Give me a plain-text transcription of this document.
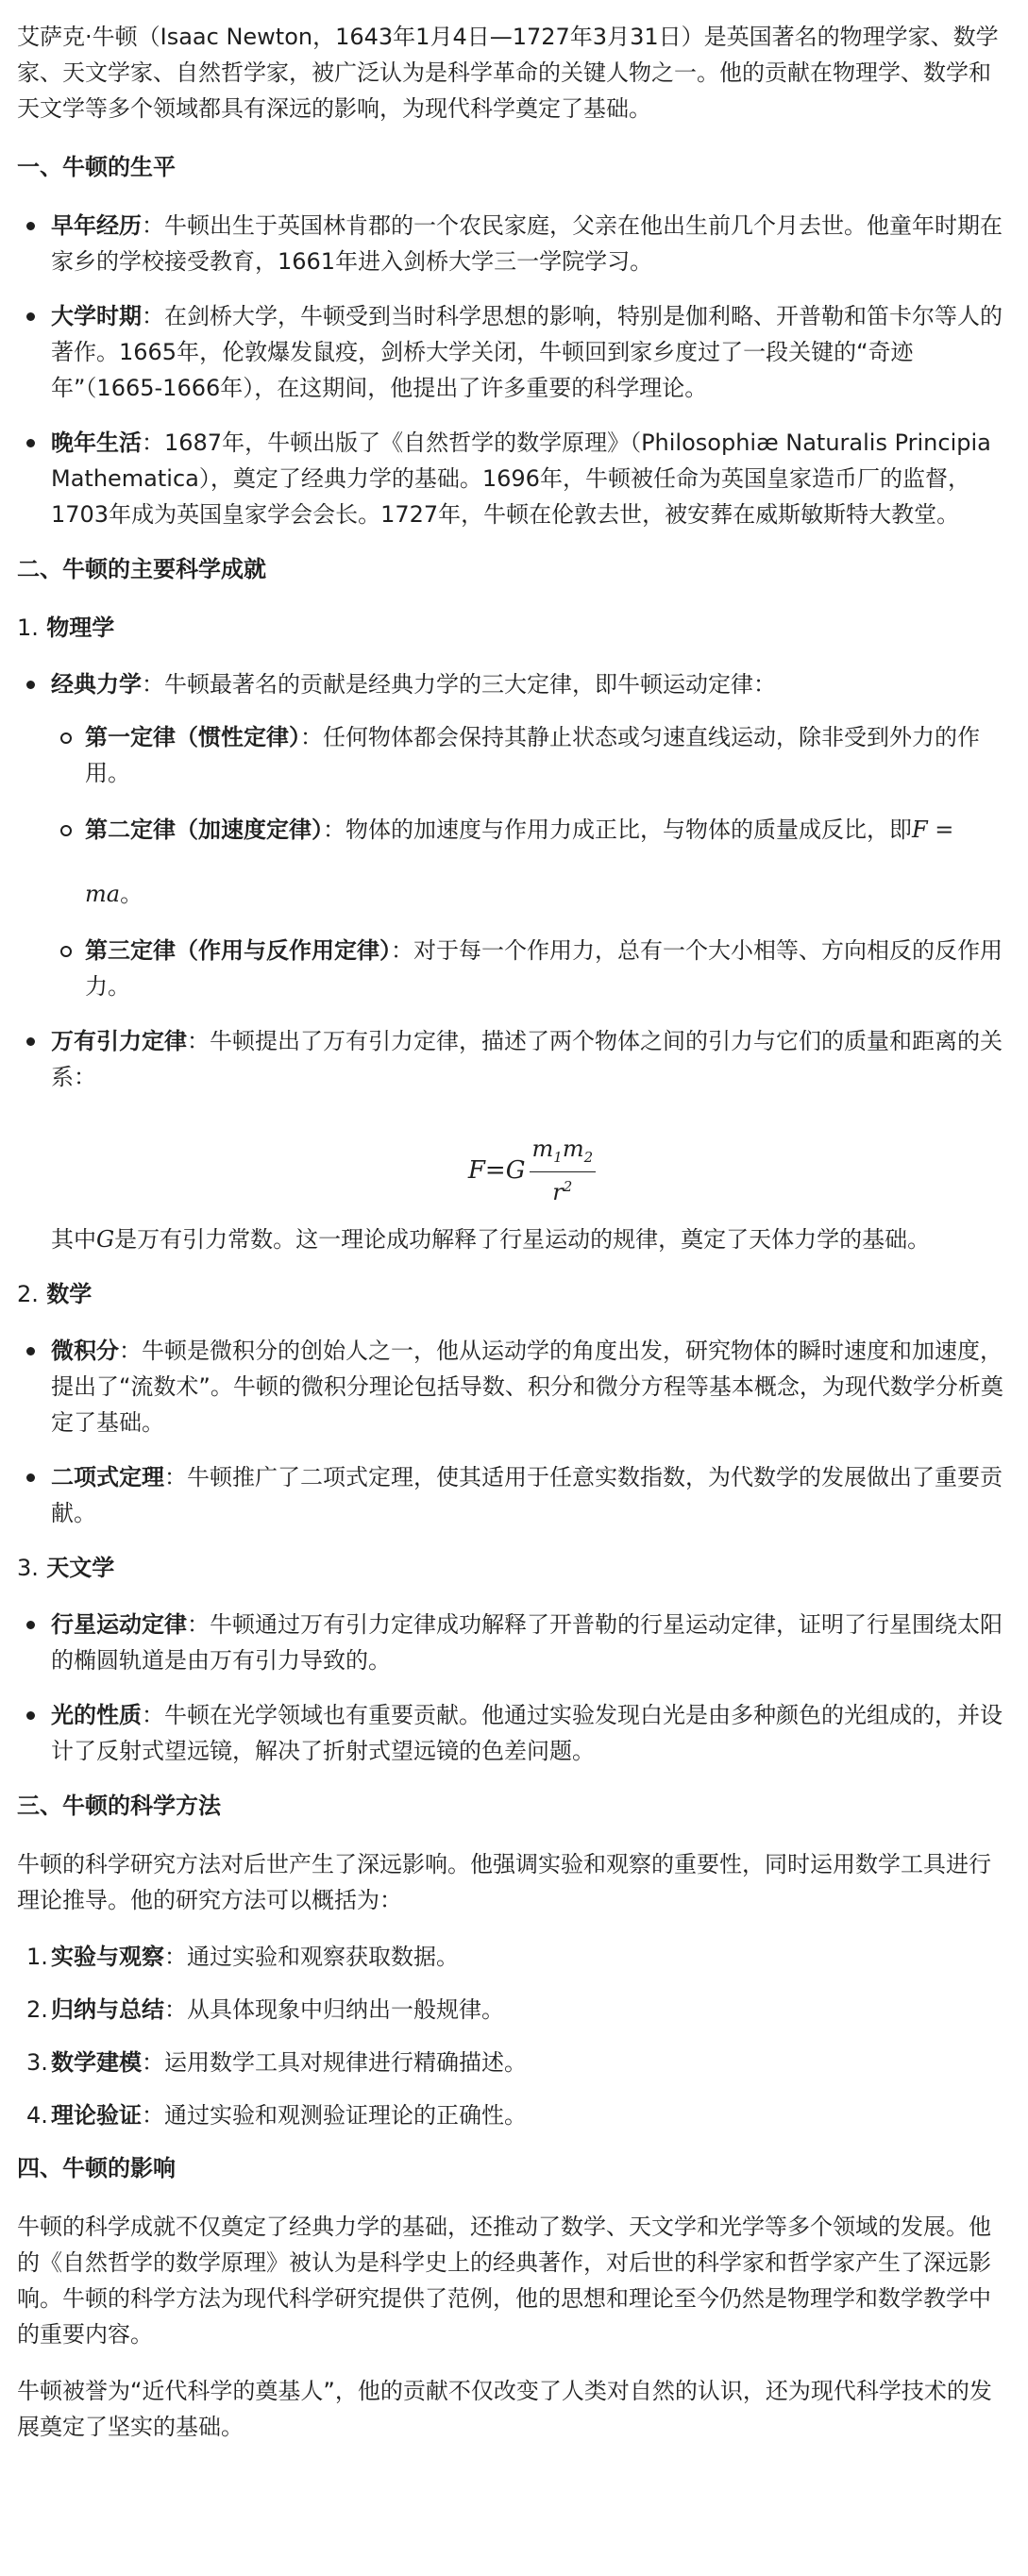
艾萨克·牛顿（Isaac Newton，1643年1月4日—1727年3月31日）是英国著名的物理学家、数学家、天文学家、自然哲学家，被广泛认为是科学革命的关键人物之一。他的贡献在物理学、数学和天文学等多个领域都具有深远的影响，为现代科学奠定了基础。

一、牛顿的生平
早年经历：牛顿出生于英国林肯郡的一个农民家庭，父亲在他出生前几个月去世。他童年时期在家乡的学校接受教育，1661年进入剑桥大学三一学院学习。
大学时期：在剑桥大学，牛顿受到当时科学思想的影响，特别是伽利略、开普勒和笛卡尔等人的著作。1665年，伦敦爆发鼠疫，剑桥大学关闭，牛顿回到家乡度过了一段关键的“奇迹年”（1665-1666年），在这期间，他提出了许多重要的科学理论。
晚年生活：1687年，牛顿出版了《自然哲学的数学原理》（Philosophiæ Naturalis Principia Mathematica），奠定了经典力学的基础。1696年，牛顿被任命为英国皇家造币厂的监督，1703年成为英国皇家学会会长。1727年，牛顿在伦敦去世，被安葬在威斯敏斯特大教堂。
二、牛顿的主要科学成就
1. 物理学
经典力学：牛顿最著名的贡献是经典力学的三大定律，即牛顿运动定律：
第一定律（惯性定律）：任何物体都会保持其静止状态或匀速直线运动，除非受到外力的作用。
第二定律（加速度定律）：物体的加速度与作用力成正比，与物体的质量成反比，即F =
ma。
第三定律（作用与反作用定律）：对于每一个作用力，总有一个大小相等、方向相反的反作用力。
万有引力定律：牛顿提出了万有引力定律，描述了两个物体之间的引力与它们的质量和距离的关系：
F = G $\frac{m_1m_2}{r^2}$

其中G是万有引力常数。这一理论成功解释了行星运动的规律，奠定了天体力学的基础。

2. 数学
微积分：牛顿是微积分的创始人之一，他从运动学的角度出发，研究物体的瞬时速度和加速度，提出了“流数术”。牛顿的微积分理论包括导数、积分和微分方程等基本概念，为现代数学分析奠定了基础。
二项式定理：牛顿推广了二项式定理，使其适用于任意实数指数，为代数学的发展做出了重要贡献。
3. 天文学
行星运动定律：牛顿通过万有引力定律成功解释了开普勒的行星运动定律，证明了行星围绕太阳的椭圆轨道是由万有引力导致的。
光的性质：牛顿在光学领域也有重要贡献。他通过实验发现白光是由多种颜色的光组成的，并设计了反射式望远镜，解决了折射式望远镜的色差问题。
三、牛顿的科学方法

牛顿的科学研究方法对后世产生了深远影响。他强调实验和观察的重要性，同时运用数学工具进行理论推导。他的研究方法可以概括为：

1. 实验与观察：通过实验和观察获取数据。
2. 归纳与总结：从具体现象中归纳出一般规律。
3. 数学建模：运用数学工具对规律进行精确描述。
4. 理论验证：通过实验和观测验证理论的正确性。
四、牛顿的影响

牛顿的科学成就不仅奠定了经典力学的基础，还推动了数学、天文学和光学等多个领域的发展。他的《自然哲学的数学原理》被认为是科学史上的经典著作，对后世的科学家和哲学家产生了深远影响。牛顿的科学方法为现代科学研究提供了范例，他的思想和理论至今仍然是物理学和数学教学中的重要内容。

牛顿被誉为“近代科学的奠基人”，他的贡献不仅改变了人类对自然的认识，还为现代科学技术的发展奠定了坚实的基础。
